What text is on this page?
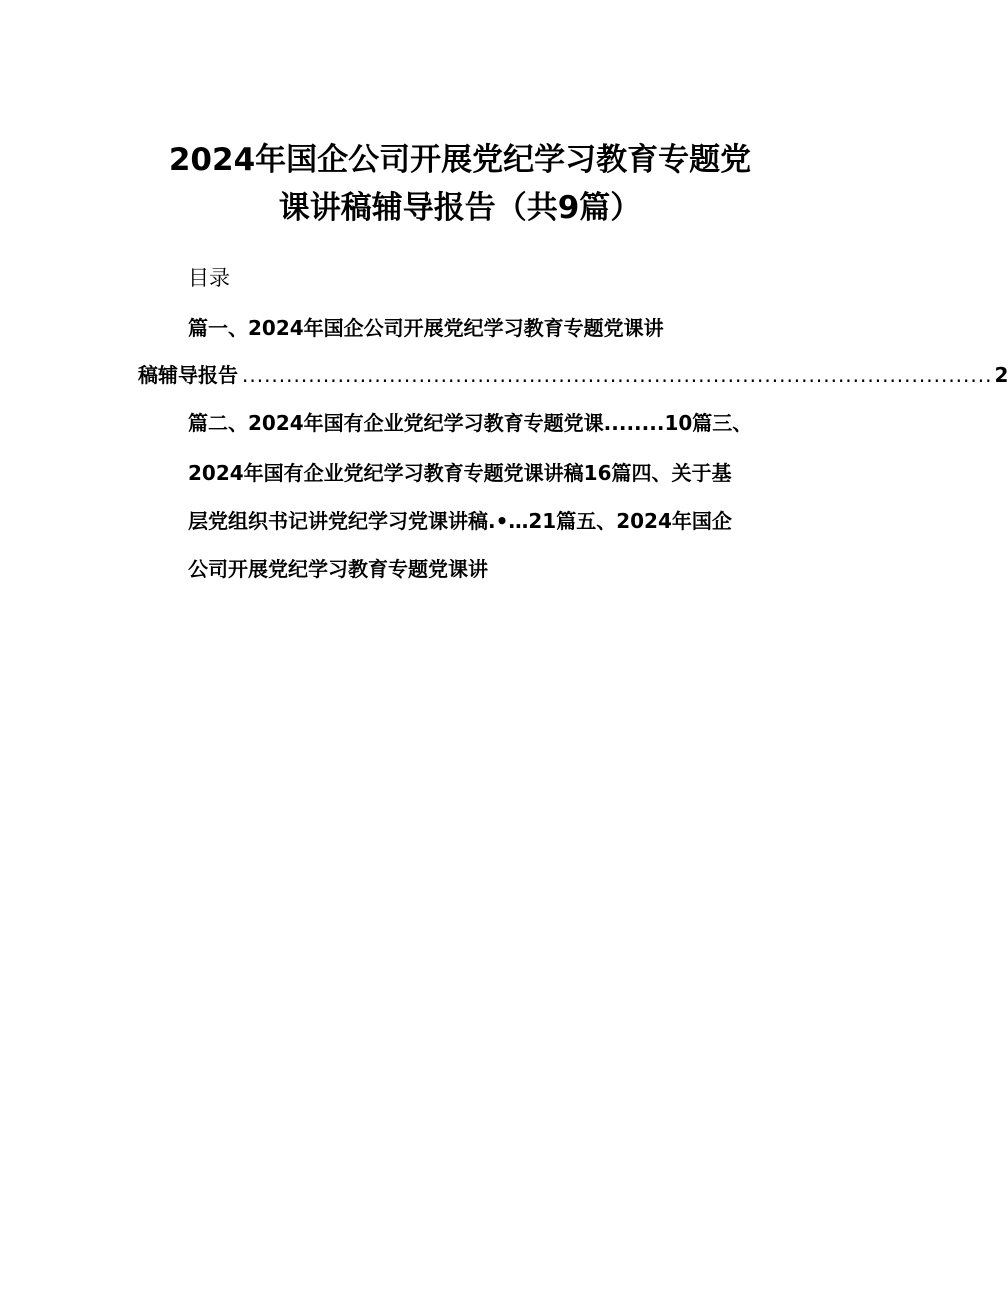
2024年国企公司开展党纪学习教育专题党
课讲稿辅导报告（共9篇）
目录
篇一、2024年国企公司开展党纪学习教育专题党课讲
稿辅导报告 ...................................................................................................... 2
篇二、2024年国有企业党纪学习教育专题党课........10篇三、
2024年国有企业党纪学习教育专题党课讲稿16篇四、关于基
层党组织书记讲党纪学习党课讲稿.•…21篇五、2024年国企
公司开展党纪学习教育专题党课讲
